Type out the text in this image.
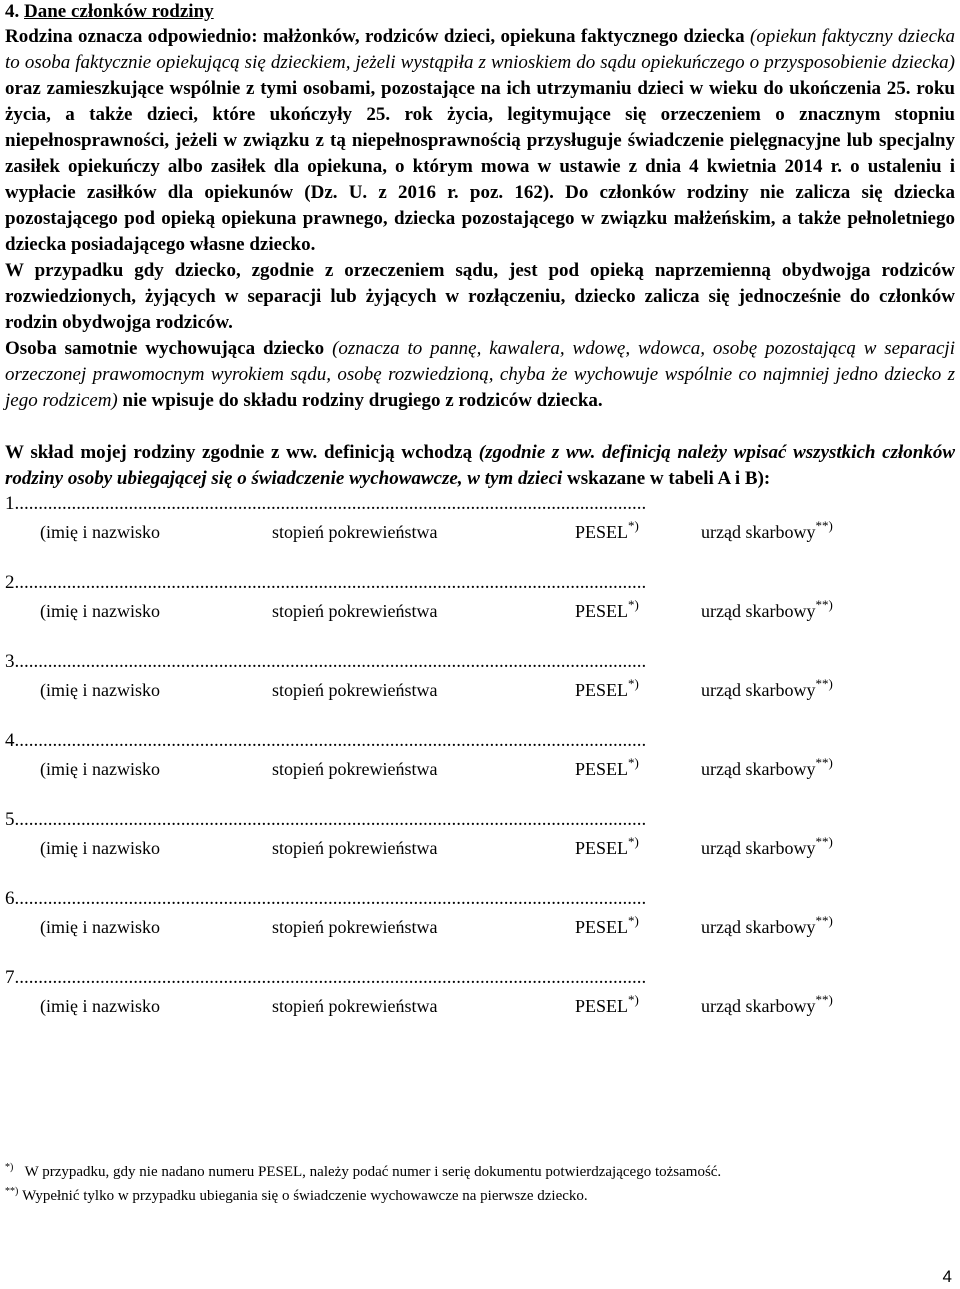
4. Dane członków rodziny

Rodzina oznacza odpowiednio: małżonków, rodziców dzieci, opiekuna faktycznego dziecka (opiekun faktyczny dziecka to osoba faktycznie opiekującą się dzieckiem, jeżeli wystąpiła z wnioskiem do sądu opiekuńczego o przysposobienie dziecka) oraz zamieszkujące wspólnie z tymi osobami, pozostające na ich utrzymaniu dzieci w wieku do ukończenia 25. roku życia, a także dzieci, które ukończyły 25. rok życia, legitymujące się orzeczeniem o znacznym stopniu niepełnosprawności, jeżeli w związku z tą niepełnosprawnością przysługuje świadczenie pielęgnacyjne lub specjalny zasiłek opiekuńczy albo zasiłek dla opiekuna, o którym mowa w ustawie z dnia 4 kwietnia 2014 r. o ustaleniu i wypłacie zasiłków dla opiekunów (Dz. U. z 2016 r. poz. 162). Do członków rodziny nie zalicza się dziecka pozostającego pod opieką opiekuna prawnego, dziecka pozostającego w związku małżeńskim, a także pełnoletniego dziecka posiadającego własne dziecko.

W przypadku gdy dziecko, zgodnie z orzeczeniem sądu, jest pod opieką naprzemienną obydwojga rodziców rozwiedzionych, żyjących w separacji lub żyjących w rozłączeniu, dziecko zalicza się jednocześnie do członków rodzin obydwojga rodziców.

Osoba samotnie wychowująca dziecko (oznacza to pannę, kawalera, wdowę, wdowca, osobę pozostającą w separacji orzeczonej prawomocnym wyrokiem sądu, osobę rozwiedzioną, chyba że wychowuje wspólnie co najmniej jedno dziecko z jego rodzicem) nie wpisuje do składu rodziny drugiego z rodziców dziecka.

W skład mojej rodziny zgodnie z ww. definicją wchodzą (zgodnie z ww. definicją należy wpisać wszystkich członków rodziny osoby ubiegającej się o świadczenie wychowawcze, w tym dzieci wskazane w tabeli A i B):

1.....................................................................................................................................
(imię i nazwisko	stopień pokrewieństwa	PESEL*)	urząd skarbowy**)
2.....................................................................................................................................
(imię i nazwisko	stopień pokrewieństwa	PESEL*)	urząd skarbowy**)
3.....................................................................................................................................
(imię i nazwisko	stopień pokrewieństwa	PESEL*)	urząd skarbowy**)
4.....................................................................................................................................
(imię i nazwisko	stopień pokrewieństwa	PESEL*)	urząd skarbowy**)
5.....................................................................................................................................
(imię i nazwisko	stopień pokrewieństwa	PESEL*)	urząd skarbowy**)
6.....................................................................................................................................
(imię i nazwisko	stopień pokrewieństwa	PESEL*)	urząd skarbowy**)
7.....................................................................................................................................
(imię i nazwisko	stopień pokrewieństwa	PESEL*)	urząd skarbowy**)
*) W przypadku, gdy nie nadano numeru PESEL, należy podać numer i serię dokumentu potwierdzającego tożsamość.
**) Wypełnić tylko w przypadku ubiegania się o świadczenie wychowawcze na pierwsze dziecko.
4
